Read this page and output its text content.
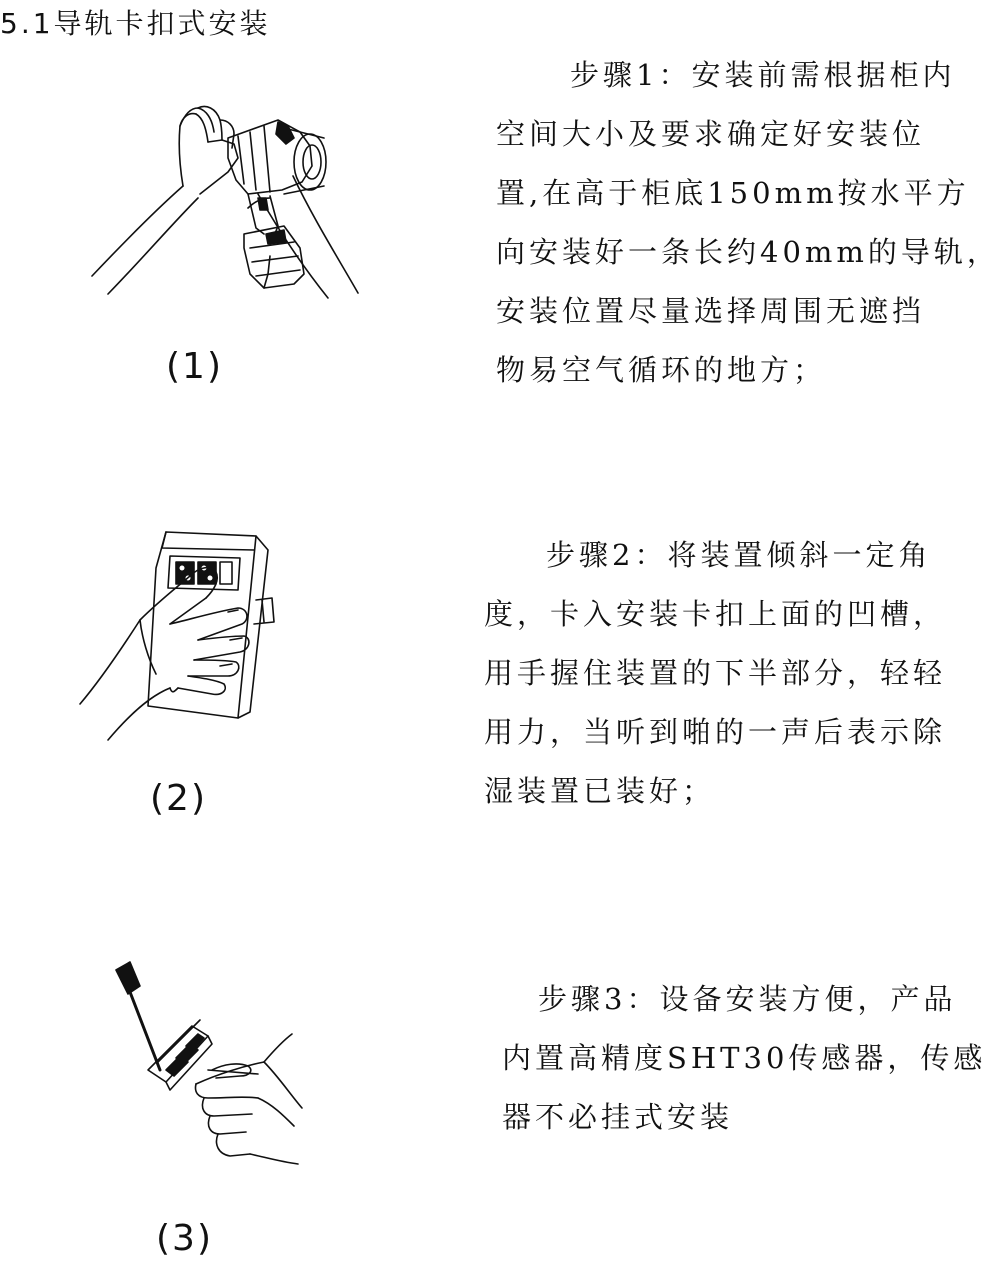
5.1导轨卡扣式安装
(1)
步骤1：安装前需根据柜内
空间大小及要求确定好安装位
置,在高于柜底150mm按水平方
向安装好一条长约40mm的导轨，
安装位置尽量选择周围无遮挡
物易空气循环的地方；
(2)
步骤2：将装置倾斜一定角
度，卡入安装卡扣上面的凹槽，
用手握住装置的下半部分，轻轻
用力，当听到啪的一声后表示除
湿装置已装好；
(3)
步骤3：设备安装方便，产品
内置高精度SHT30传感器，传感
器不必挂式安装
